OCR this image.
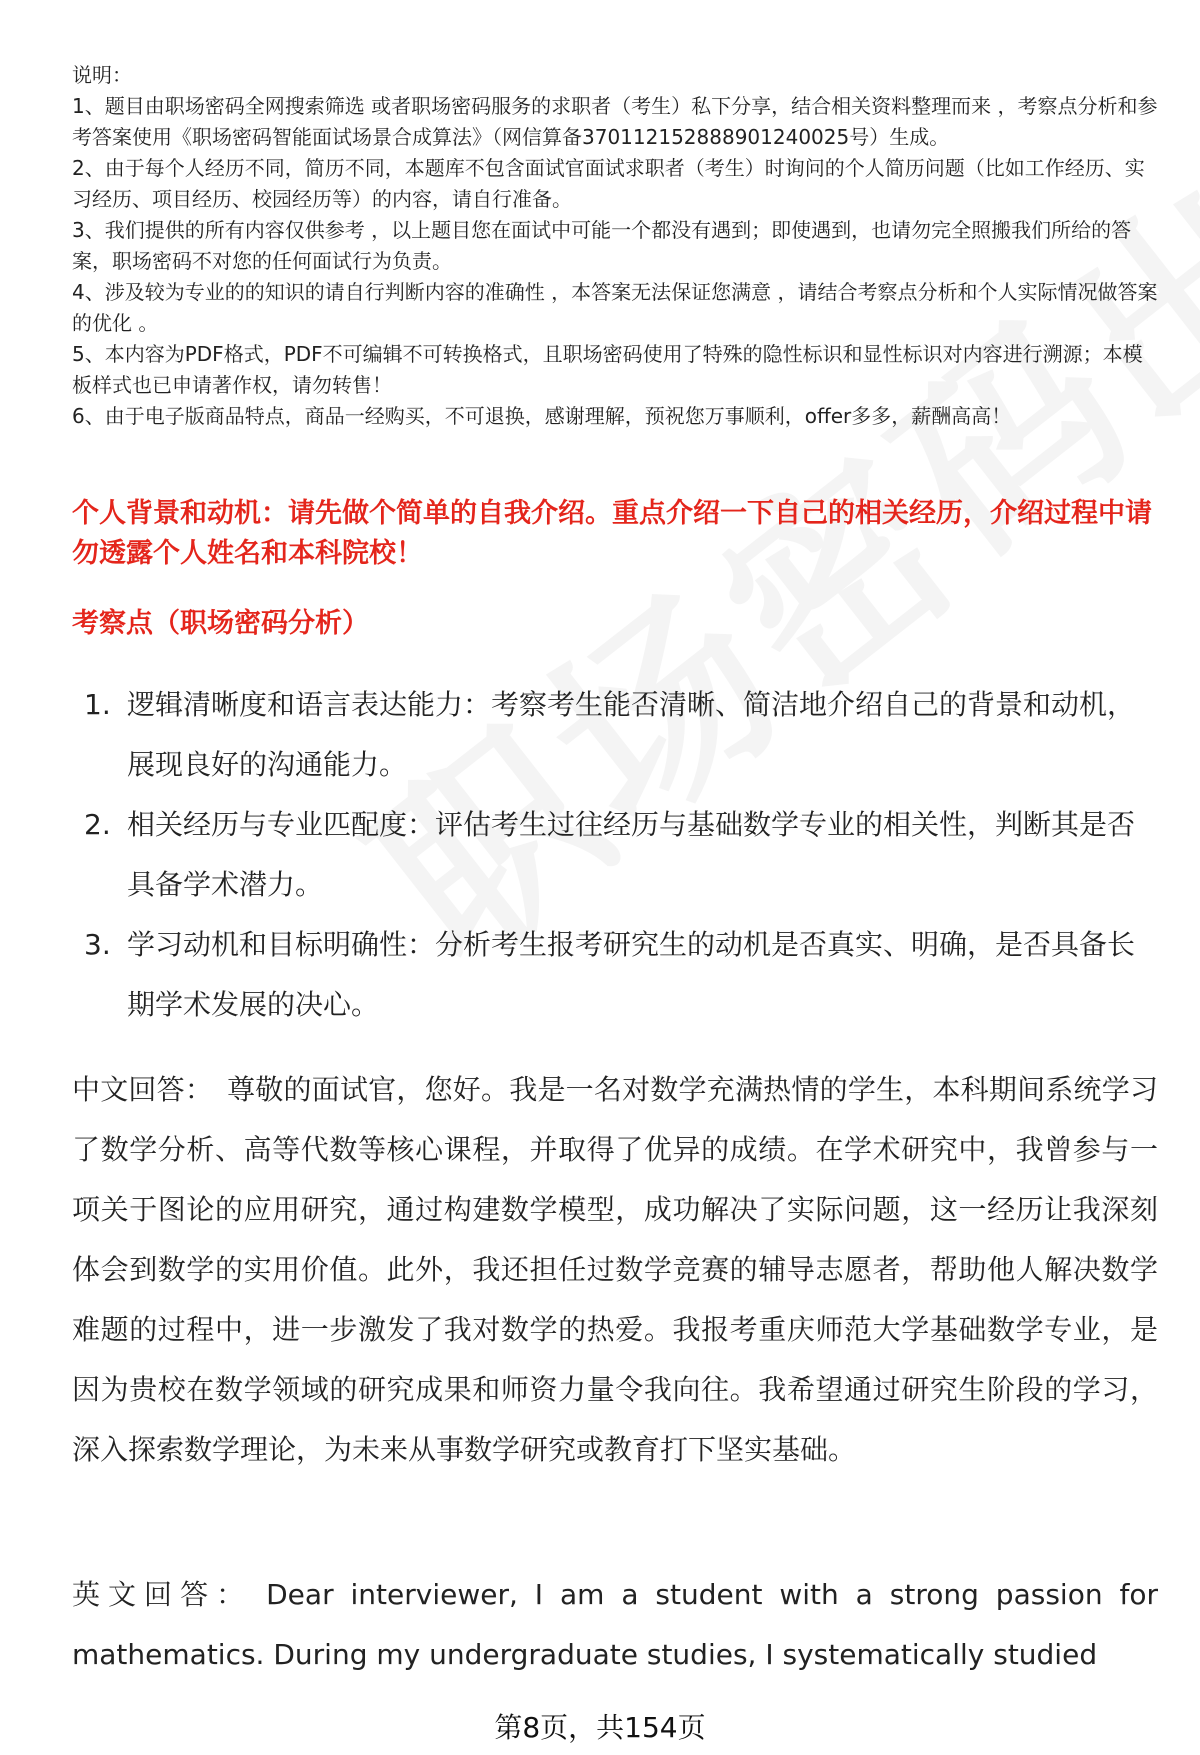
说明：

1、题目由职场密码全网搜索筛选 或者职场密码服务的求职者（考生）私下分享，结合相关资料整理而来 ，考察点分析和参考答案使用《职场密码智能面试场景合成算法》（网信算备370112152888901240025号）生成。

2、由于每个人经历不同，简历不同，本题库不包含面试官面试求职者（考生）时询问的个人简历问题（比如工作经历、实习经历、项目经历、校园经历等）的内容，请自行准备。

3、我们提供的所有内容仅供参考 ，以上题目您在面试中可能一个都没有遇到；即使遇到，也请勿完全照搬我们所给的答案，职场密码不对您的任何面试行为负责。

4、涉及较为专业的的知识的请自行判断内容的准确性 ，本答案无法保证您满意 ，请结合考察点分析和个人实际情况做答案的优化 。

5、本内容为PDF格式，PDF不可编辑不可转换格式，且职场密码使用了特殊的隐性标识和显性标识对内容进行溯源；本模板样式也已申请著作权，请勿转售！

6、由于电子版商品特点，商品一经购买，不可退换，感谢理解，预祝您万事顺利，offer多多，薪酬高高！

个人背景和动机：请先做个简单的自我介绍。重点介绍一下自己的相关经历，介绍过程中请勿透露个人姓名和本科院校！
考察点（职场密码分析）
1. 逻辑清晰度和语言表达能力：考察考生能否清晰、简洁地介绍自己的背景和动机，展现良好的沟通能力。
2. 相关经历与专业匹配度：评估考生过往经历与基础数学专业的相关性，判断其是否具备学术潜力。
3. 学习动机和目标明确性：分析考生报考研究生的动机是否真实、明确，是否具备长期学术发展的决心。

中文回答： 尊敬的面试官，您好。我是一名对数学充满热情的学生，本科期间系统学习了数学分析、高等代数等核心课程，并取得了优异的成绩。在学术研究中，我曾参与一项关于图论的应用研究，通过构建数学模型，成功解决了实际问题，这一经历让我深刻体会到数学的实用价值。此外，我还担任过数学竞赛的辅导志愿者，帮助他人解决数学难题的过程中，进一步激发了我对数学的热爱。我报考重庆师范大学基础数学专业，是因为贵校在数学领域的研究成果和师资力量令我向往。我希望通过研究生阶段的学习，深入探索数学理论，为未来从事数学研究或教育打下坚实基础。

英文回答： Dear interviewer, I am a student with a strong passion for mathematics. During my undergraduate studies, I systematically studied

第8页，共154页
